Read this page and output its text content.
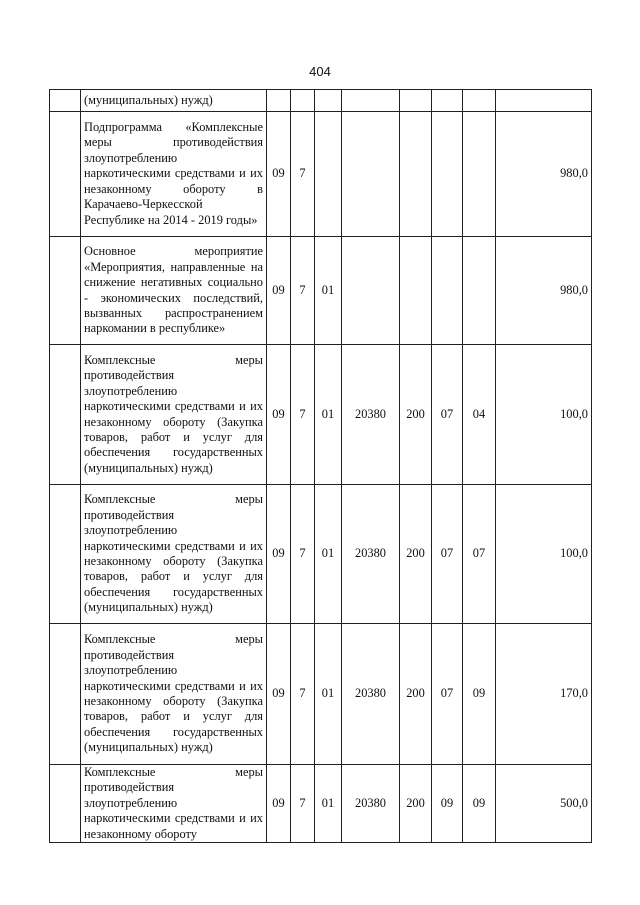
404
	(муниципальных) нужд)								
	Подпрограмма «Комплексные меры противодействия злоупотреблению наркотическими средствами и их незаконному обороту в Карачаево-Черкесской Республике на 2014 - 2019 годы»	09	7						980,0
	Основное мероприятие «Мероприятия, направленные на снижение негативных социально - экономических последствий, вызванных распространением наркомании в республике»	09	7	01					980,0
	Комплексные меры противодействия злоупотреблению наркотическими средствами и их незаконному обороту (Закупка товаров, работ и услуг для обеспечения государственных (муниципальных) нужд)	09	7	01	20380	200	07	04	100,0
	Комплексные меры противодействия злоупотреблению наркотическими средствами и их незаконному обороту (Закупка товаров, работ и услуг для обеспечения государственных (муниципальных) нужд)	09	7	01	20380	200	07	07	100,0
	Комплексные меры противодействия злоупотреблению наркотическими средствами и их незаконному обороту (Закупка товаров, работ и услуг для обеспечения государственных (муниципальных) нужд)	09	7	01	20380	200	07	09	170,0
	Комплексные меры противодействия злоупотреблению наркотическими средствами и их незаконному обороту	09	7	01	20380	200	09	09	500,0
